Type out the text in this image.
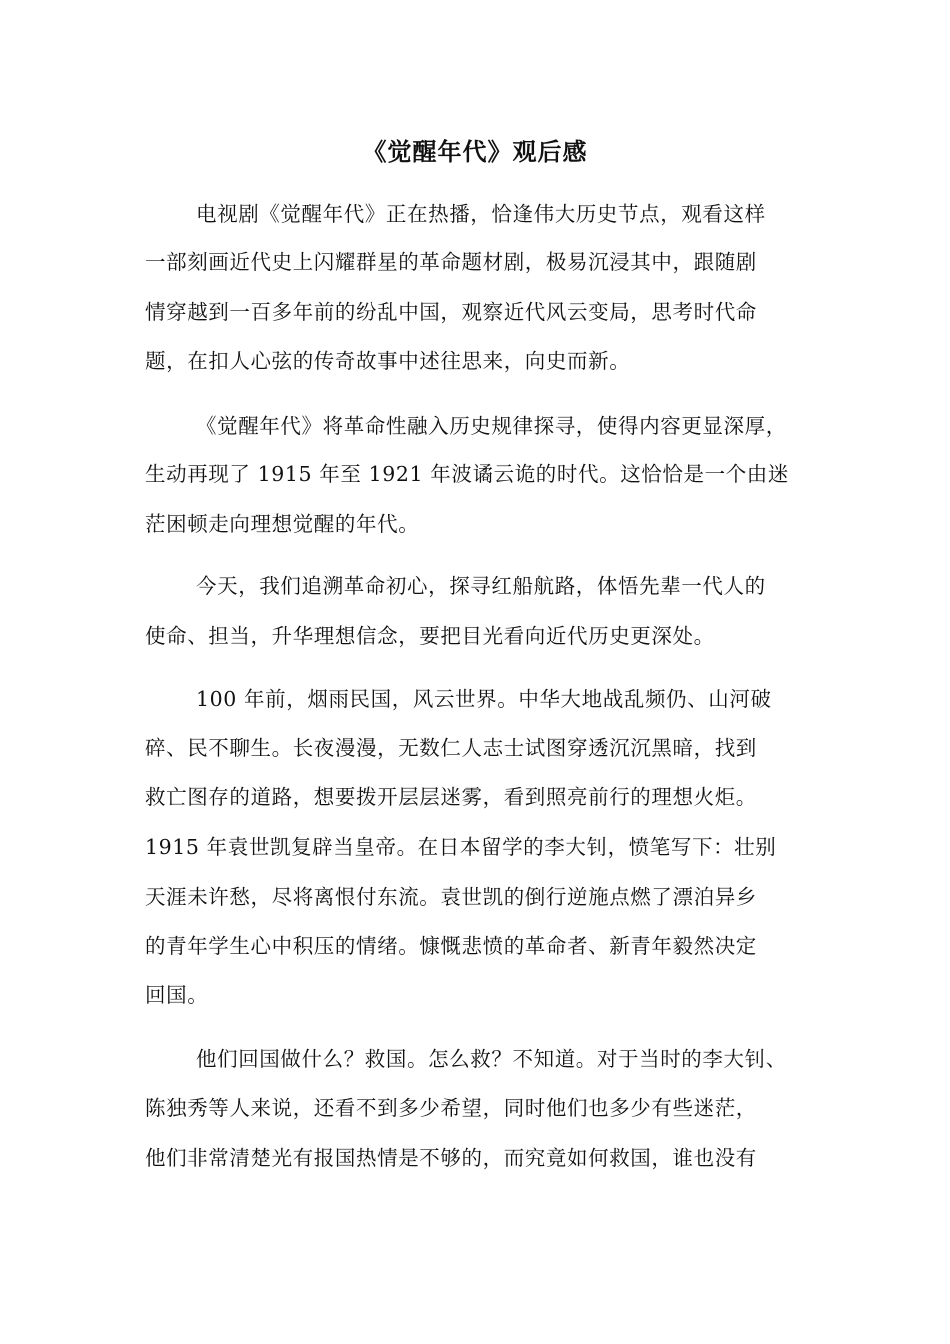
《觉醒年代》观后感
电视剧《觉醒年代》正在热播，恰逢伟大历史节点，观看这样
一部刻画近代史上闪耀群星的革命题材剧，极易沉浸其中，跟随剧
情穿越到一百多年前的纷乱中国，观察近代风云变局，思考时代命
题，在扣人心弦的传奇故事中述往思来，向史而新。
《觉醒年代》将革命性融入历史规律探寻，使得内容更显深厚，
生动再现了 1915 年至 1921 年波谲云诡的时代。这恰恰是一个由迷
茫困顿走向理想觉醒的年代。
今天，我们追溯革命初心，探寻红船航路，体悟先辈一代人的
使命、担当，升华理想信念，要把目光看向近代历史更深处。
100 年前，烟雨民国，风云世界。中华大地战乱频仍、山河破
碎、民不聊生。长夜漫漫，无数仁人志士试图穿透沉沉黑暗，找到
救亡图存的道路，想要拨开层层迷雾，看到照亮前行的理想火炬。
1915 年袁世凯复辟当皇帝。在日本留学的李大钊，愤笔写下：壮别
天涯未许愁，尽将离恨付东流。袁世凯的倒行逆施点燃了漂泊异乡
的青年学生心中积压的情绪。慷慨悲愤的革命者、新青年毅然决定
回国。
他们回国做什么？救国。怎么救？不知道。对于当时的李大钊、
陈独秀等人来说，还看不到多少希望，同时他们也多少有些迷茫，
他们非常清楚光有报国热情是不够的，而究竟如何救国，谁也没有
